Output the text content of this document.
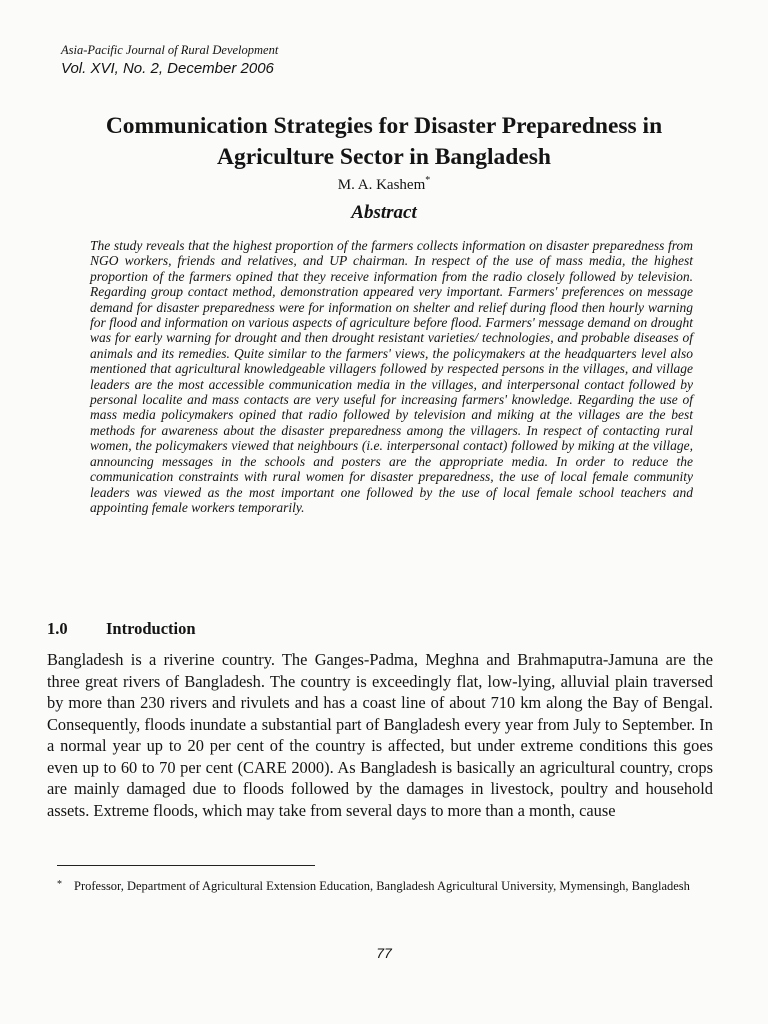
Asia-Pacific Journal of Rural Development

Vol. XVI, No. 2, December 2006

Communication Strategies for Disaster Preparedness in Agriculture Sector in Bangladesh

M. A. Kashem*

Abstract

The study reveals that the highest proportion of the farmers collects information on disaster preparedness from NGO workers, friends and relatives, and UP chairman. In respect of the use of mass media, the highest proportion of the farmers opined that they receive information from the radio closely followed by television. Regarding group contact method, demonstration appeared very important. Farmers' preferences on message demand for disaster preparedness were for information on shelter and relief during flood then hourly warning for flood and information on various aspects of agriculture before flood. Farmers' message demand on drought was for early warning for drought and then drought resistant varieties/ technologies, and probable diseases of animals and its remedies. Quite similar to the farmers' views, the policymakers at the headquarters level also mentioned that agricultural knowledgeable villagers followed by respected persons in the villages, and village leaders are the most accessible communication media in the villages, and interpersonal contact followed by personal localite and mass contacts are very useful for increasing farmers' knowledge. Regarding the use of mass media policymakers opined that radio followed by television and miking at the villages are the best methods for awareness about the disaster preparedness among the villagers. In respect of contacting rural women, the policymakers viewed that neighbours (i.e. interpersonal contact) followed by miking at the village, announcing messages in the schools and posters are the appropriate media. In order to reduce the communication constraints with rural women for disaster preparedness, the use of local female community leaders was viewed as the most important one followed by the use of local female school teachers and appointing female workers temporarily.

1.0 Introduction

Bangladesh is a riverine country. The Ganges-Padma, Meghna and Brahmaputra-Jamuna are the three great rivers of Bangladesh. The country is exceedingly flat, low-lying, alluvial plain traversed by more than 230 rivers and rivulets and has a coast line of about 710 km along the Bay of Bengal. Consequently, floods inundate a substantial part of Bangladesh every year from July to September. In a normal year up to 20 per cent of the country is affected, but under extreme conditions this goes even up to 60 to 70 per cent (CARE 2000). As Bangladesh is basically an agricultural country, crops are mainly damaged due to floods followed by the damages in livestock, poultry and household assets. Extreme floods, which may take from several days to more than a month, cause

* Professor, Department of Agricultural Extension Education, Bangladesh Agricultural University, Mymensingh, Bangladesh

77
